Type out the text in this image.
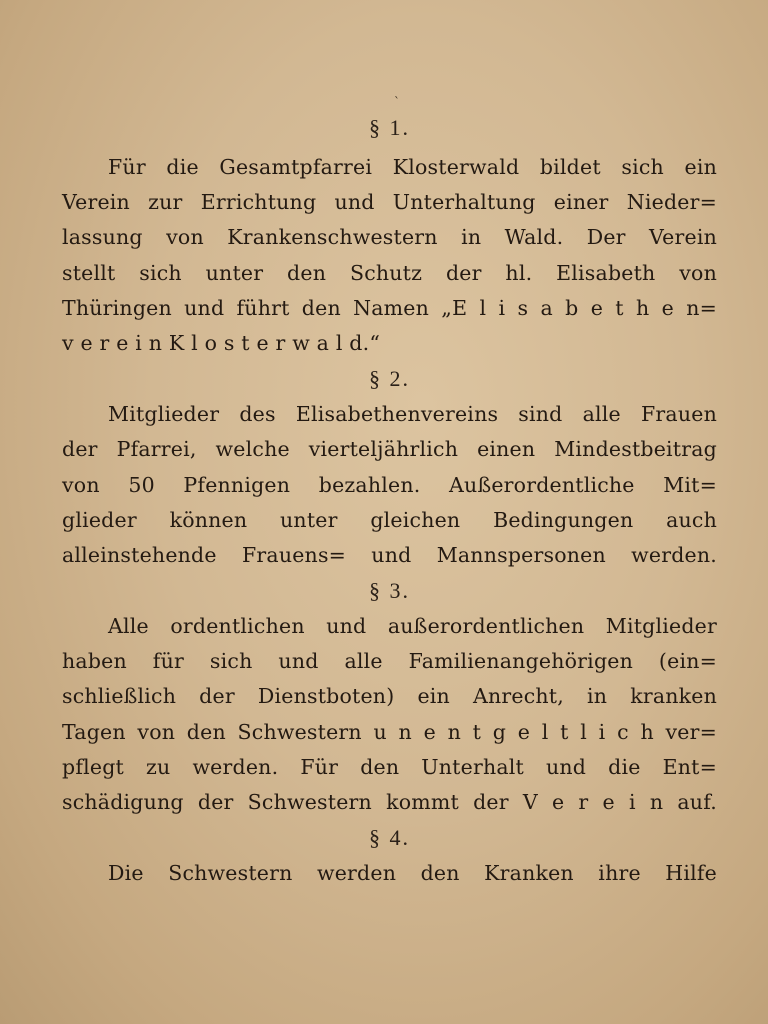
`
§ 1.
Für die Gesamtpfarrei Klosterwald bildet sich ein
Verein zur Errichtung und Unterhaltung einer Nieder=
lassung von Krankenschwestern in Wald. Der Verein
stellt sich unter den Schutz der hl. Elisabeth von
Thüringen und führt den Namen „E l i s a b e t h e n=
v e r e i n K l o s t e r w a l d.“
§ 2.
Mitglieder des Elisabethenvereins sind alle Frauen
der Pfarrei, welche vierteljährlich einen Mindestbeitrag
von 50 Pfennigen bezahlen. Außerordentliche Mit=
glieder können unter gleichen Bedingungen auch
alleinstehende Frauens= und Mannspersonen werden.
§ 3.
Alle ordentlichen und außerordentlichen Mitglieder
haben für sich und alle Familienangehörigen (ein=
schließlich der Dienstboten) ein Anrecht, in kranken
Tagen von den Schwestern u n e n t g e l t l i c h ver=
pflegt zu werden. Für den Unterhalt und die Ent=
schädigung der Schwestern kommt der V e r e i n auf.
§ 4.
Die Schwestern werden den Kranken ihre Hilfe
